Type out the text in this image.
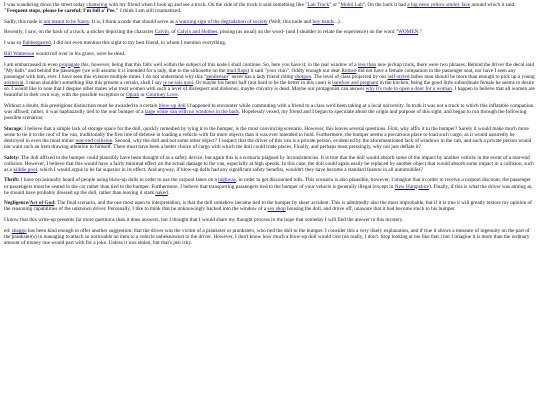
I was wandering down the street today chattering with my friend when I look up and see a truck. On the side of the truck it said something like "Lab Truck" or "Mobil Lab". On the back it had a big neon yellow smiley face around which it said: "Frequent stops, please be careful; I'm full a' Pee." I think I am still traumatized.

Sadly, this node is not meant to be funny. It is, I think a node that should serve as a warning sign of the degradation of society (Well, this node and boy bands...).

Recently, I saw, on the back of a truck, a sticker depicting the character Calvin, of Calvin and Hobbes, pissing (as usual) on the word- (and I shudder to relate the experience) on the word "WOMEN."

I was so flabbergasted, I did not even mention this sight to my best friend, to whom I mention everything.

Bill Watterson would roll over in his grave, were he dead.

I am embarrassed to even propagate this, however, being that this falls well within the subject of this node I shall continue. So, here you have it; in the rear window of a less than new pickup truck, there were two phrases. Behind the driver the decal said "My balls" and behind the passenger (we will assume it is intended for a lady, due to the silhouette on the mud flaps) it said "your chin". Oddly enough our dear Romeo did not have a female companion in the passenger seat, nor have I seen any passenger with him, ever. I have seen this eyesore multiple times. I do not understand why this "gentleman" never has a lady friend riding shotgun. The level of class projected by our self-styled ladies man should be more than enough to pick up a young aristocrat. I mean shouldn't something like this present a certain, shall I say je ne sais quoi. Or maybe his better half (not hard to be the better in this case) is barefoot and pregnant in the kitchen, being the good little subordinate female he seems to desire so. I would like to note that I despise other males who treat women with such a level of disrespect and dishonor, maybe chivalry is dead. Maybe our protagonist can answer why it's rude to open a door for a woman. I happen to believe that all women are beautiful in their own way, with the possible exception or Oprah or Courtney Love.

Without a doubt, this prestigious distinction must be awarded to a certain blow-up doll I happened to encounter while commuting with a friend to a class we'd been taking at a local university. In truth it was not a truck to which this inflatable companion was affixed; rather, it was haphazardly tied to the rear bumper of a large white van with no windows in the back. Hopelessly vexed, my friend and I began to speculate about the origin and purpose of this sight, and began to run through the following possible scenarios:

Storage: I believe that a simple lack of storage space for the doll, quickly remedied by tying it to the bumper, is the most convincing scenario. However, this leaves several questions. First, why affix it to the bumper? Surely it would make much more sense to tie it to the roof of the van, traditionally the first line of defense in loading a vehicle with far more objects than it was ever intended to hold. Furthermore, the bumper seems a precarious place to load such cargo, as it would assuredly be destroyed in even the most minor rear-end collision. Second, why the doll and not some other object? I suspect that the driver of this van is a private person, evidenced by the aforementioned lack of windows in the cab, and such a private person would not want such an item drawing attention to himself. There must have been a better choice of cargo with which the doll could trade places. Finally, and perhaps most pressingly, why not just deflate it?

Safety: The doll affixed to the bumper could plausibly have been thought of as a safety device, but again this is a scenario plagued by inconsistencies. It is true that the doll would absorb some of the impact by another vehicle in the event of a rear-end collision. However, I believe that this would have a fairly minimal effect on the actual damage to the van, especially at high speeds. In this case, the doll could again easily be replaced by another object that would absorb some impact in a collision, such as a kiddie pool, which I would argue to be far superior in its effect. And anyway, if blow-up dolls had any significant safety benefits, wouldn't they have become a standard feature in all automobiles?

Thrift: I have occasionally heard of people using blow-up dolls in order to use the carpool lanes on a highway, in order to get discounted tolls. This scenario is also plausible, however, I imagine that in order to receive a carpool discount, the passenger or passengers must be seated in the car rather than tied to the bumper. Furthermore, I believe that transporting passengers tied to the bumper of your vehicle is generally illegal (except in New Hampshire). Finally, if this is what the driver was aiming at, he should have probably dressed up the doll, rather than leaving it stark naked.

Negligence/Act of God: The final scenario, and the one most open to interpretation, is that the doll somehow became tied to the bumper by sheer accident. This is admittedly also the most improbable, but if it is true it will greatly restore my opinion of the reasoning capabilities of the unknown driver. Personally, I like to think that he unknowingly backed into the window of a sex shop housing the doll, and drove off, unaware that it had become stuck to his bumper.

I know that this write-up presents far more questions than it does answers, but I thought that I would share my thought process in the hope that someday I will find the answer to this mystery.

ed: sbaggo has been kind enough to offer another suggestion: that the driver was the victim of a prankster or pranksters, who tied the doll to the bumper. I consider this a very likely explanation, and if true it shows a measure of ingenuity on the part of the prankster(s) in managing to attach so noticeable an item to a vehicle unbeknownst to the driver. However, I don't know how much a blow-up doll would cost (no really, I don't. Stop looking at me like that.) but I imagine it is more than the ordinary amount of money one would part with for a joke. Unless it was stolen, but that's just icky.
